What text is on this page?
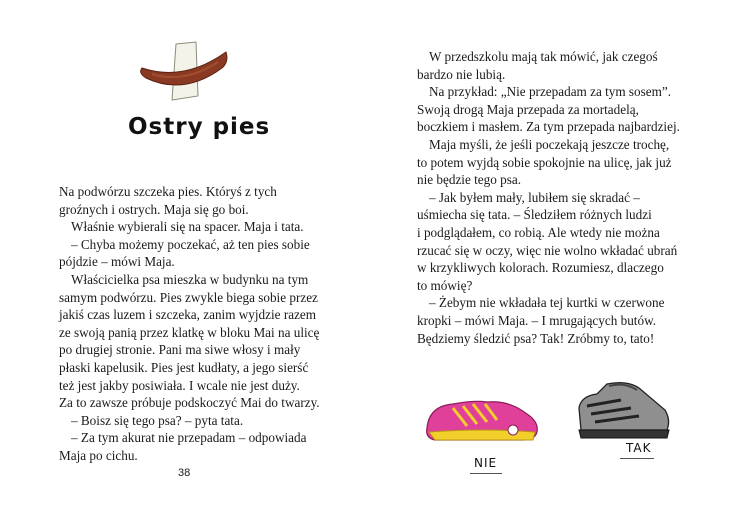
Ostry pies

Na podwórzu szczeka pies. Któryś z tych

groźnych i ostrych. Maja się go boi.

Właśnie wybierali się na spacer. Maja i tata.

– Chyba możemy poczekać, aż ten pies sobie

pójdzie – mówi Maja.

Właścicielka psa mieszka w budynku na tym

samym podwórzu. Pies zwykle biega sobie przez

jakiś czas luzem i szczeka, zanim wyjdzie razem

ze swoją panią przez klatkę w bloku Mai na ulicę

po drugiej stronie. Pani ma siwe włosy i mały

płaski kapelusik. Pies jest kudłaty, a jego sierść

też jest jakby posiwiała. I wcale nie jest duży.

Za to zawsze próbuje podskoczyć Mai do twarzy.

– Boisz się tego psa? – pyta tata.

– Za tym akurat nie przepadam – odpowiada

Maja po cichu.

38

W przedszkolu mają tak mówić, jak czegoś

bardzo nie lubią.

Na przykład: „Nie przepadam za tym sosem”.

Swoją drogą Maja przepada za mortadelą,

boczkiem i masłem. Za tym przepada najbardziej.

Maja myśli, że jeśli poczekają jeszcze trochę,

to potem wyjdą sobie spokojnie na ulicę, jak już

nie będzie tego psa.

– Jak byłem mały, lubiłem się skradać –

uśmiecha się tata. – Śledziłem różnych ludzi

i podglądałem, co robią. Ale wtedy nie można

rzucać się w oczy, więc nie wolno wkładać ubrań

w krzykliwych kolorach. Rozumiesz, dlaczego

to mówię?

– Żebym nie wkładała tej kurtki w czerwone

kropki – mówi Maja. – I mrugających butów.

Będziemy śledzić psa? Tak! Zróbmy to, tato!

NIE
TAK
